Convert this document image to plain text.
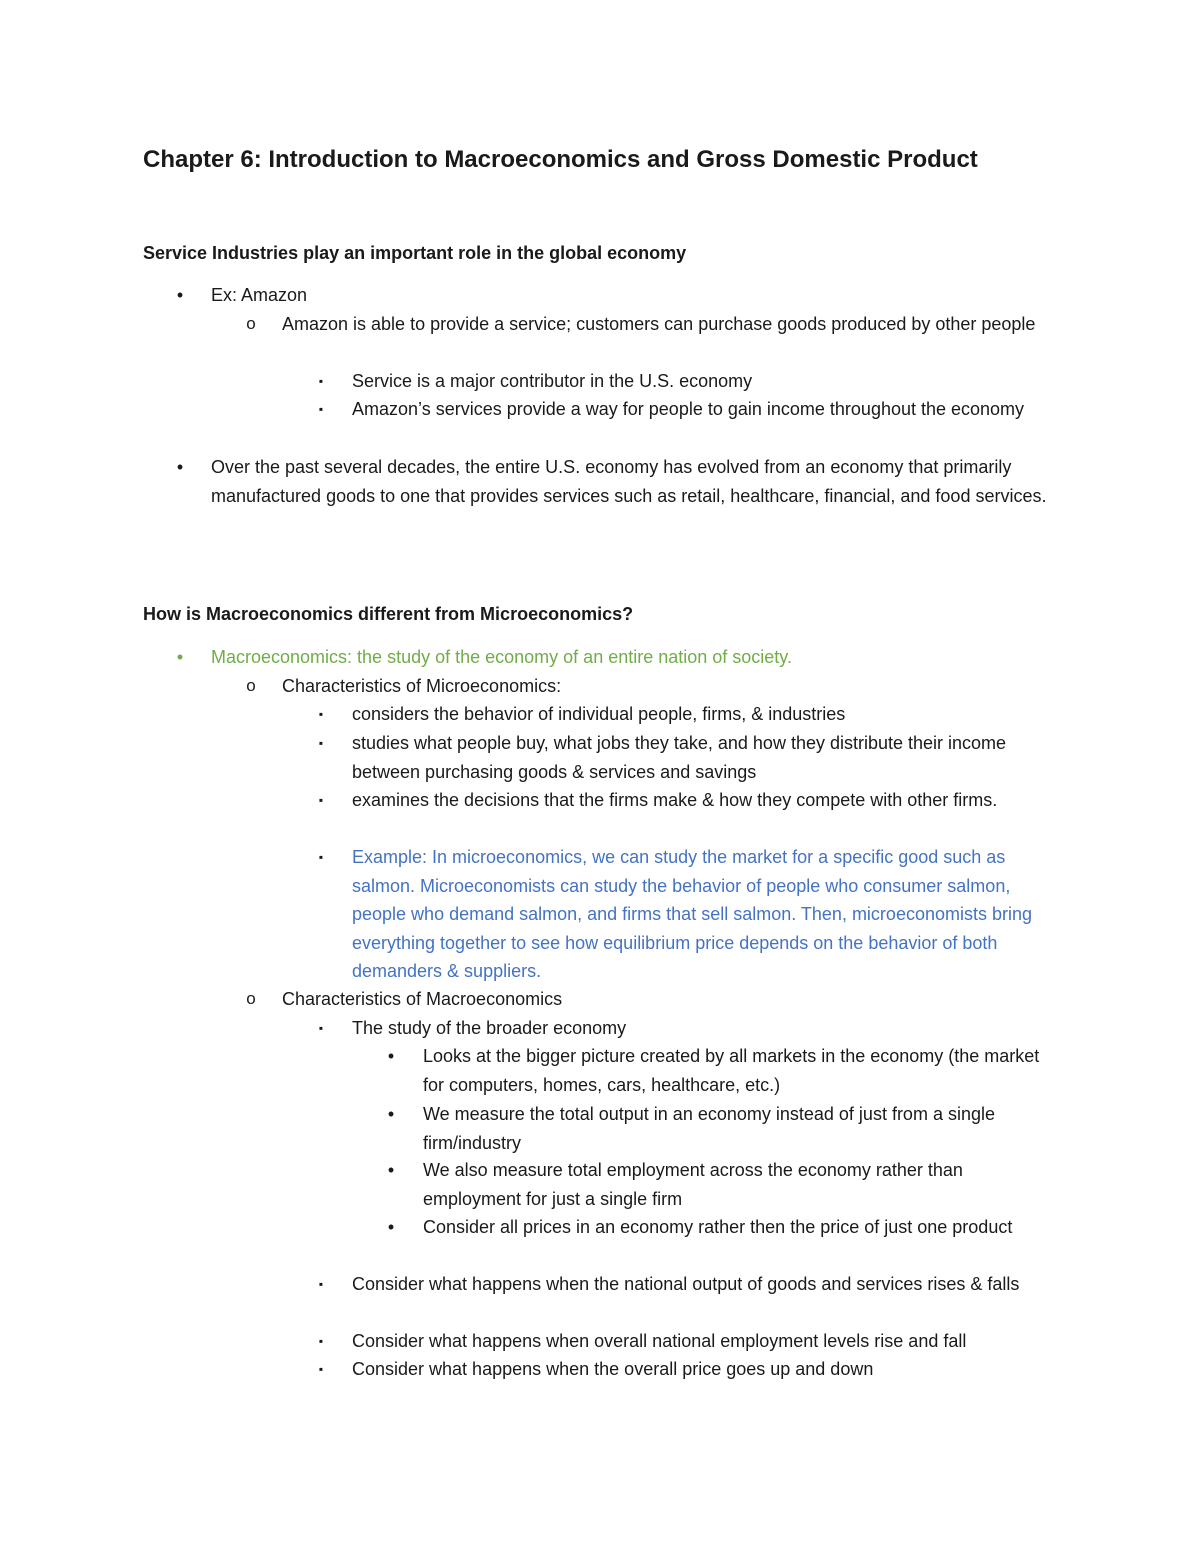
Chapter 6: Introduction to Macroeconomics and Gross Domestic Product
Service Industries play an important role in the global economy
•	Ex: Amazon

o Amazon is able to provide a service; customers can purchase goods produced by other people

▪	Service is a major contributor in the U.S. economy

▪	Amazon’s services provide a way for people to gain income throughout the economy

•	Over the past several decades, the entire U.S. economy has evolved from an economy that primarily manufactured goods to one that provides services such as retail, healthcare, financial, and food services.

How is Macroeconomics different from Microeconomics?
•	Macroeconomics: the study of the economy of an entire nation of society.

o Characteristics of Microeconomics:

▪	considers the behavior of individual people, firms, & industries

▪	studies what people buy, what jobs they take, and how they distribute their income between purchasing goods & services and savings

▪	examines the decisions that the firms make & how they compete with other firms.

▪	Example: In microeconomics, we can study the market for a specific good such as salmon. Microeconomists can study the behavior of people who consumer salmon, people who demand salmon, and firms that sell salmon. Then, microeconomists bring everything together to see how equilibrium price depends on the behavior of both demanders & suppliers.

o Characteristics of Macroeconomics

▪	The study of the broader economy

•	Looks at the bigger picture created by all markets in the economy (the market for computers, homes, cars, healthcare, etc.)

•	We measure the total output in an economy instead of just from a single firm/industry

•	We also measure total employment across the economy rather than employment for just a single firm

•	Consider all prices in an economy rather then the price of just one product

▪	Consider what happens when the national output of goods and services rises & falls

▪	Consider what happens when overall national employment levels rise and fall

▪	Consider what happens when the overall price goes up and down
